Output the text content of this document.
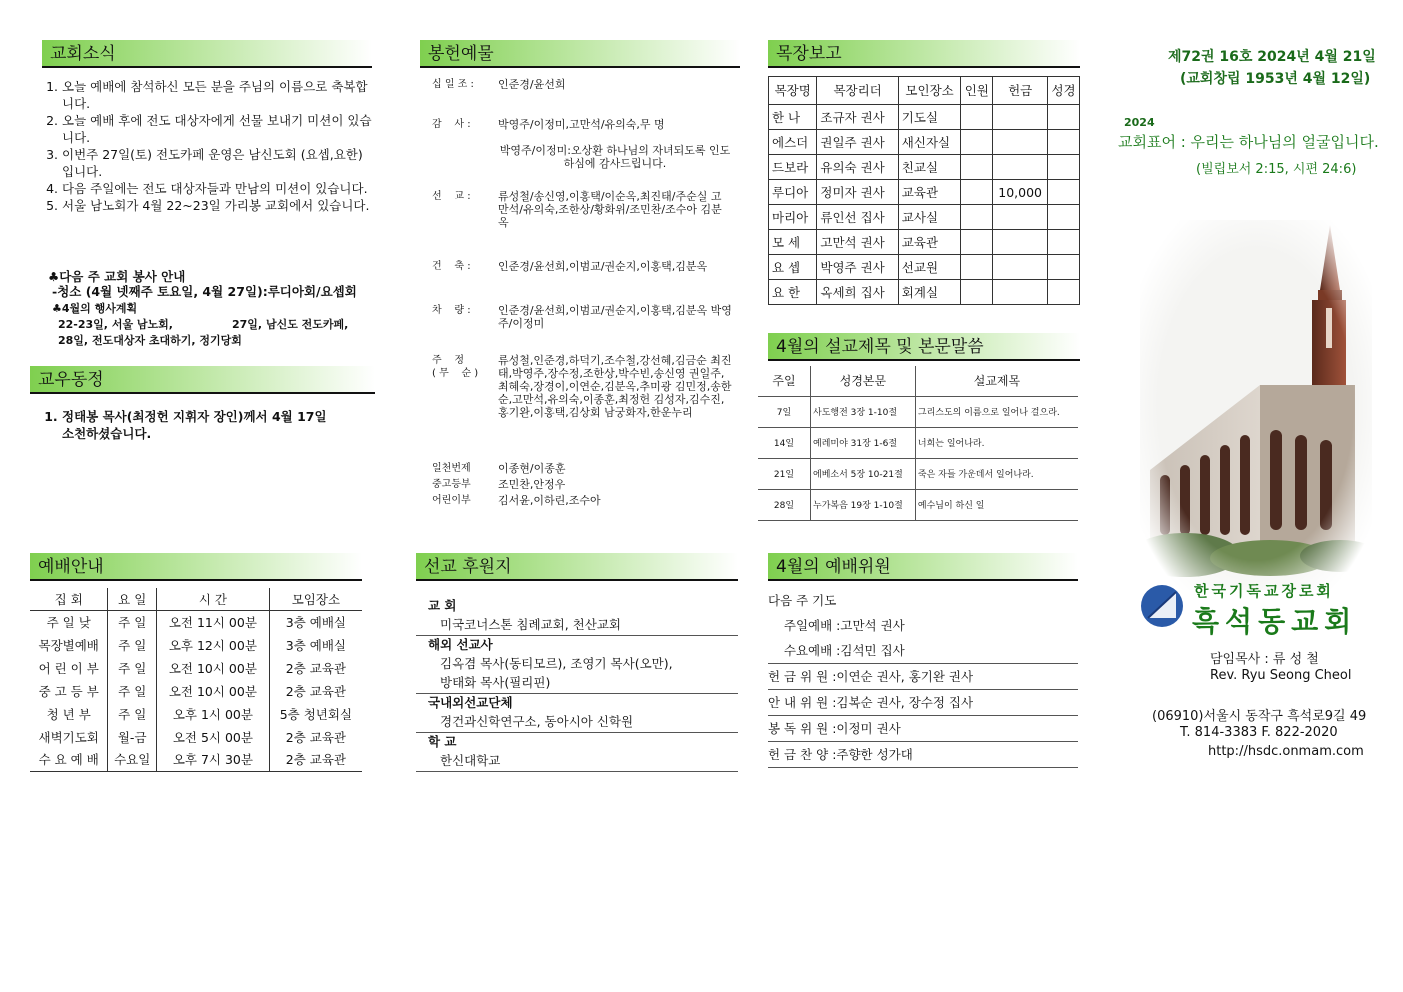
교회소식
1. 오늘 예배에 참석하신 모든 분을 주님의 이름으로 축복합니다.
2. 오늘 예배 후에 전도 대상자에게 선물 보내기 미션이 있습니다.
3. 이번주 27일(토) 전도카페 운영은 남신도회 (요셉,요한)입니다.
4. 다음 주일에는 전도 대상자들과 만남의 미션이 있습니다.
5. 서울 남노회가 4월 22~23일 가리봉 교회에서 있습니다.
♣다음 주 교회 봉사 안내
-청소 (4월 넷째주 토요일, 4월 27일):루디아회/요셉회
♣4월의 행사계획
22-23일, 서울 남노회,	27일, 남신도 전도카페,
28일, 전도대상자 초대하기, 정기당회
교우동정
1. 정태봉 목사(최정헌 지휘자 장인)께서 4월 17일 소천하셨습니다.
예배안내
집 회	요 일	시 간	모임장소
주 일 낮	주 일	오전 11시 00분	3층 예배실
목장별예배	주 일	오후 12시 00분	3층 예배실
어 린 이 부	주 일	오전 10시 00분	2층 교육관
중 고 등 부	주 일	오전 10시 00분	2층 교육관
청 년 부	주 일	오후 1시 00분	5층 청년회실
새벽기도회	월-금	오전 5시 00분	2층 교육관
수 요 예 배	수요일	오후 7시 30분	2층 교육관
봉헌예물
십 일 조 :	인준경/윤선희
감    사 :	박영주/이정미,고만석/유의숙,무 명
박영주/이정미:오상환 하나님의 자녀되도록 인도하심에 감사드립니다.
선    교 :	류성철/송신영,이홍택/이순옥,최진태/주순실 고만석/유의숙,조한상/황화위/조민찬/조수아 김분옥
건    축 :	인준경/윤선희,이범교/권순지,이홍택,김분옥
차    량 :	인준경/윤선희,이범교/권순지,이홍택,김분옥 박영주/이정미
주    정
( 무    순 )
류성철,인준경,하덕기,조수철,강선혜,김금순 최진태,박영주,장수정,조한상,박수빈,송신영 권일주,최혜숙,장경이,이연순,김분옥,추미광 김민정,송한순,고만석,유의숙,이종훈,최정헌 김성자,김수진,홍기완,이홍택,김상회 남궁화자,한운누리
일천번제	이종현/이종훈
중고등부	조민찬,안정우
어린이부	김서윤,이하린,조수아
선교 후원지
교 회
미국코너스톤 침례교회, 천산교회
해외 선교사
김옥겸 목사(동티모르), 조영기 목사(오만),
방태화 목사(필리핀)
국내외선교단체
경건과신학연구소, 동아시아 신학원
학 교
한신대학교
목장보고
목장명	목장리더	모인장소	인원	헌금	성경
한 나	조규자 권사	기도실			
에스더	권일주 권사	새신자실			
드보라	유의숙 권사	친교실			
루디아	정미자 권사	교육관		10,000	
마리아	류인선 집사	교사실			
모 세	고만석 권사	교육관			
요 셉	박영주 권사	선교원			
요 한	옥세희 집사	회계실			
4월의 설교제목 및 본문말씀
주일	성경본문	설교제목
7일	사도행전 3장 1-10절	그리스도의 이름으로 일어나 걸으라.
14일	예레미야 31장 1-6절	너희는 일어나라.
21일	에베소서 5장 10-21절	죽은 자들 가운데서 일어나라.
28일	누가복음 19장 1-10절	예수님이 하신 일
4월의 예배위원
다음 주 기도
주일예배 : 고만석 권사
수요예배 : 김석민 집사
헌 금 위 원 : 이연순 권사, 홍기완 권사
안 내 위 원 : 김복순 권사, 장수정 집사
봉 독 위 원 : 이정미 권사
헌 금 찬 양 : 주향한 성가대
제72권 16호 2024년 4월 21일
(교회창립 1953년 4월 12일)
2024
교회표어 : 우리는 하나님의 얼굴입니다.
(빌립보서 2:15, 시편 24:6)
한국기독교장로회
흑석동교회
담임목사 : 류 성 철
Rev. Ryu Seong Cheol
(06910)서울시 동작구 흑석로9길 49
T. 814-3383 F. 822-2020
http://hsdc.onmam.com
